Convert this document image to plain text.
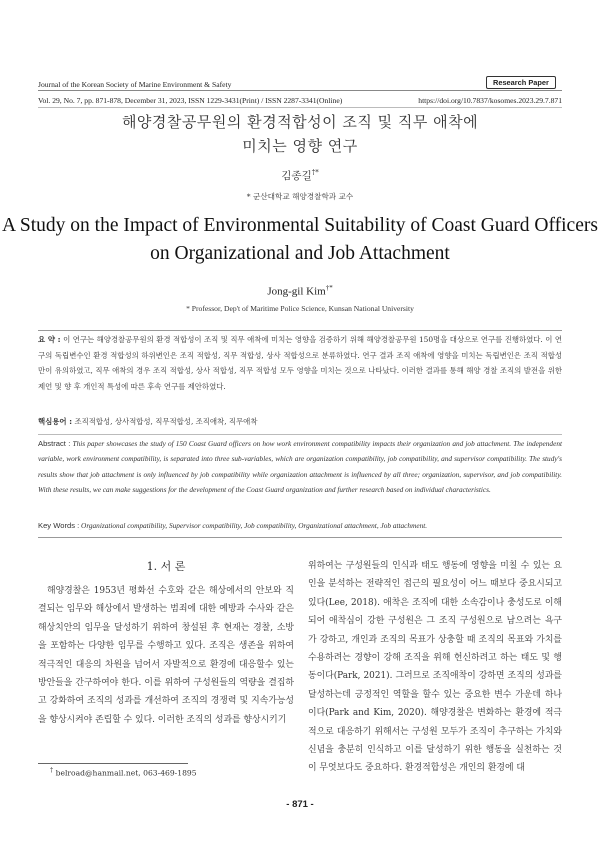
Journal of the Korean Society of Marine Environment & Safety	Research Paper
Vol. 29, No. 7, pp. 871-878, December 31, 2023, ISSN 1229-3431(Print) / ISSN 2287-3341(Online)	https://doi.org/10.7837/kosomes.2023.29.7.871
해양경찰공무원의 환경적합성이 조직 및 직무 애착에
미치는 영향 연구
김종길†*
* 군산대학교 해양경찰학과 교수
A Study on the Impact of Environmental Suitability of Coast Guard Officers
on Organizational and Job Attachment
Jong-gil Kim†*
* Professor, Dep't of Maritime Police Science, Kunsan National University
요 약 : 이 연구는 해양경찰공무원의 환경 적합성이 조직 및 직무 애착에 미치는 영향을 검증하기 위해 해양경찰공무원 150명을 대상으로 연구를 진행하였다. 이 연구의 독립변수인 환경 적합성의 하위변인은 조직 적합성, 직무 적합성, 상사 적합성으로 분류하였다. 연구 결과 조직 애착에 영향을 미치는 독립변인은 조직 적합성만이 유의하였고, 직무 애착의 경우 조직 적합성, 상사 적합성, 직무 적합성 모두 영향을 미치는 것으로 나타났다. 이러한 결과를 통해 해양 경찰 조직의 발전을 위한 제언 및 향 후 개인적 특성에 따른 후속 연구를 제안하였다.
핵심용어 : 조직적합성, 상사적합성, 직무적합성, 조직애착, 직무애착
Abstract : This paper showcases the study of 150 Coast Guard officers on how work environment compatibility impacts their organization and job attachment. The independent variable, work environment compatibility, is separated into three sub-variables, which are organization compatibility, job compatibility, and supervisor compatibility. The study's results show that job attachment is only influenced by job compatibility while organization attachment is influenced by all three; organization, supervisor, and job compatibility. With these results, we can make suggestions for the development of the Coast Guard organization and further research based on individual characteristics.
Key Words : Organizational compatibility, Supervisor compatibility, Job compatibility, Organizational attachment, Job attachment.
1. 서 론
해양경찰은 1953년 평화선 수호와 같은 해상에서의 안보와 직결되는 임무와 해상에서 발생하는 범죄에 대한 예방과 수사와 같은 해상치안의 임무을 달성하기 위하여 창설된 후 현재는 경찰, 소방을 포함하는 다양한 임무를 수행하고 있다. 조직은 생존을 위하여 적극적인 대응의 차원을 넘어서 자발적으로 환경에 대응할수 있는 방안들을 간구하여야 한다. 이를 위하여 구성원들의 역량을 결집하고 강화하여 조직의 성과를 개선하여 조직의 경쟁력 및 지속가능성을 향상시켜야 존립할 수 있다. 이러한 조직의 성과를 향상시키기
위하여는 구성원들의 인식과 태도 행동에 영향을 미칠 수 있는 요인을 분석하는 전략적인 접근의 필요성이 어느 때보다 중요시되고 있다(Lee, 2018). 애착은 조직에 대한 소속감이나 충성도로 이해되어 애착심이 강한 구성원은 그 조직 구성원으로 남으려는 욕구가 강하고, 개인과 조직의 목표가 상충할 때 조직의 목표와 가치를 수용하려는 경향이 강해 조직을 위해 헌신하려고 하는 태도 및 행동이다(Park, 2021). 그러므로 조직애착이 강하면 조직의 성과를 달성하는데 긍정적인 역할을 할수 있는 중요한 변수 가운데 하나이다(Park and Kim, 2020). 해양경찰은 변화하는 환경에 적극적으로 대응하기 위해서는 구성원 모두가 조직이 추구하는 가치와 신념을 충분히 인식하고 이를 달성하기 위한 행동을 실천하는 것이 무엇보다도 중요하다. 환경적합성은 개인의 환경에 대
† belroad@hanmail.net, 063-469-1895
- 871 -
